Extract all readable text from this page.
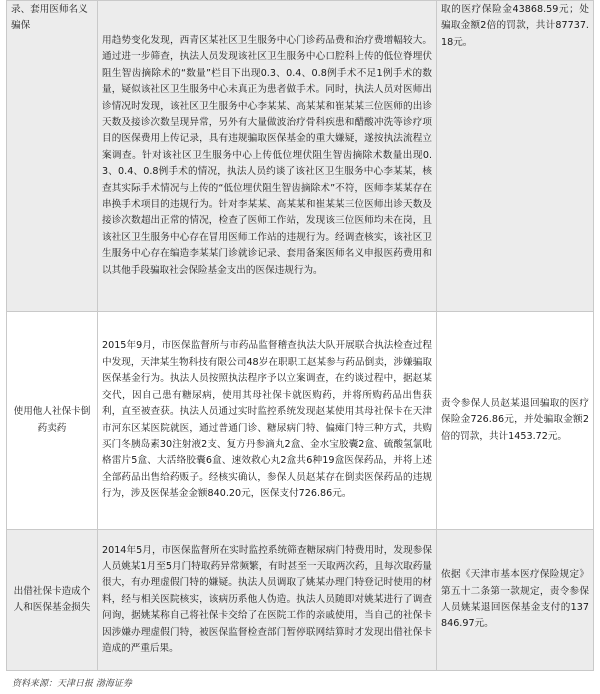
录、套用医师名义骗保	用趋势变化发现，西青区某社区卫生服务中心门诊药品费和治疗费增幅较大。通过进一步筛查，执法人员发现该社区卫生服务中心口腔科上传的低位脊埋伏阻生智齿摘除术的“数量”栏目下出现0.3、0.4、0.8例手术不足1例手术的数量，疑似该社区卫生服务中心未真正为患者做手术。同时，执法人员对医师出诊情况时发现，该社区卫生服务中心李某某、高某某和崔某某三位医师的出诊天数及接诊次数呈现异常，另外有大量做波治疗骨科疾患和醋酸冲洗等诊疗项目的医保费用上传记录，具有违规骗取医保基金的重大嫌疑，遂按执法流程立案调查。针对该社区卫生服务中心上传低位埋伏阻生智齿摘除术数量出现0.3、0.4、0.8例手术的情况，执法人员约谈了该社区卫生服务中心李某某，核查其实际手术情况与上传的“低位埋伏阻生智齿摘除术”不符，医师李某某存在串换手术项目的违规行为。针对李某某、高某某和崔某某三位医师出诊天数及接诊次数超出正常的情况，检查了医师工作站，发现该三位医师均未在岗，且该社区卫生服务中心存在冒用医师工作站的违规行为。经调查核实，该社区卫生服务中心存在编造李某某门诊就诊记录、套用备案医师名义申报医药费用和以其他手段骗取社会保险基金支出的医保违规行为。	取的医疗保险金43868.59元；处骗取金额2倍的罚款，共计87737.18元。
使用他人社保卡倒药卖药	2015年9月，市医保监督所与市药品监督稽查执法大队开展联合执法检查过程中发现，天津某生物科技有限公司48岁在职职工赵某参与药品倒卖，涉嫌骗取医保基金行为。执法人员按照执法程序予以立案调查，在约谈过程中，据赵某交代，因自己患有糖尿病，使用其母社保卡就医购药，并将所购药品出售获利，直至被查获。执法人员通过实时监控系统发现赵某使用其母社保卡在天津市河东区某医院就医，通过普通门诊、糖尿病门特、偏瘫门特三种方式，共购买门冬胰岛素30注射液2支、复方丹参滴丸2盒、金水宝胶囊2盒、硫酸氢氯吡格雷片5盒、大活络胶囊6盒、速效救心丸2盒共6种19盒医保药品，并将上述全部药品出售给药贩子。经核实确认，参保人员赵某存在倒卖医保药品的违规行为，涉及医保基金金额840.20元，医保支付726.86元。	责令参保人员赵某退回骗取的医疗保险金726.86元，并处骗取金额2倍的罚款，共计1453.72元。
出借社保卡造成个人和医保基金损失	2014年5月，市医保监督所在实时监控系统筛查糖尿病门特费用时，发现参保人员姚某1月至5月门特取药异常频繁，有时甚至一天取两次药，且每次取药量很大，有办理虚假门特的嫌疑。执法人员调取了姚某办理门特登记时使用的材料，经与相关医院核实，该病历系他人伪造。执法人员随即对姚某进行了调查问询，据姚某称自己将社保卡交给了在医院工作的亲戚使用，当自己的社保卡因涉嫌办理虚假门特，被医保监督检查部门暂停联网结算时才发现出借社保卡造成的严重后果。	依据《天津市基本医疗保险规定》第五十二条第一款规定，责令参保人员姚某退回医保基金支付的137846.97元。
资料来源：天津日报 渤海证券
